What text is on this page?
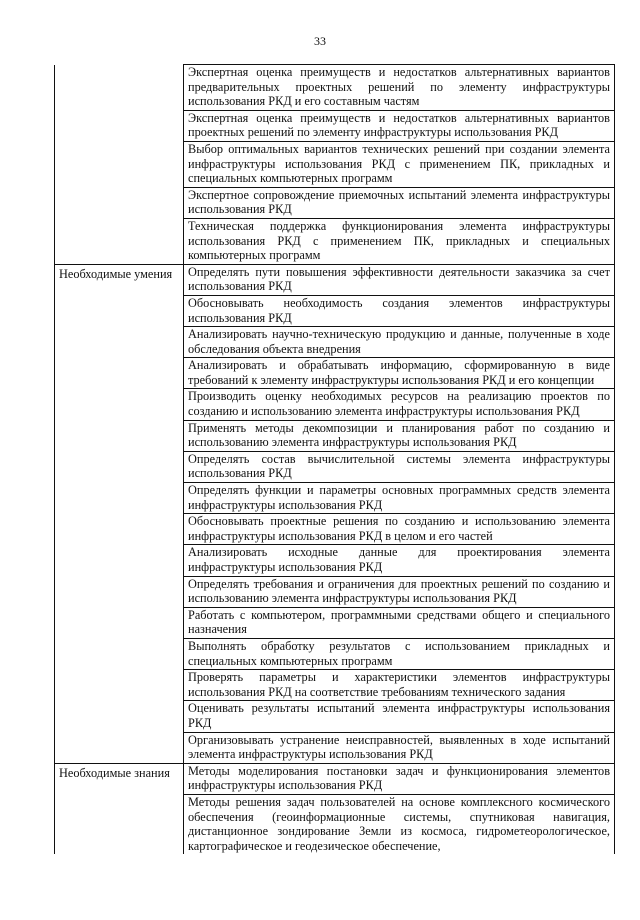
33
	Экспертная оценка преимуществ и недостатков альтернативных вариантов предварительных проектных решений по элементу инфраструктуры использования РКД и его составным частям
	Экспертная оценка преимуществ и недостатков альтернативных вариантов проектных решений по элементу инфраструктуры использования РКД
	Выбор оптимальных вариантов технических решений при создании элемента инфраструктуры использования РКД с применением ПК, прикладных и специальных компьютерных программ
	Экспертное сопровождение приемочных испытаний элемента инфраструктуры использования РКД
	Техническая поддержка функционирования элемента инфраструктуры использования РКД с применением ПК, прикладных и специальных компьютерных программ
Необходимые умения	Определять пути повышения эффективности деятельности заказчика за счет использования РКД
	Обосновывать необходимость создания элементов инфраструктуры использования РКД
	Анализировать научно-техническую продукцию и данные, полученные в ходе обследования объекта внедрения
	Анализировать и обрабатывать информацию, сформированную в виде требований к элементу инфраструктуры использования РКД и его концепции
	Производить оценку необходимых ресурсов на реализацию проектов по созданию и использованию элемента инфраструктуры использования РКД
	Применять методы декомпозиции и планирования работ по созданию и использованию элемента инфраструктуры использования РКД
	Определять состав вычислительной системы элемента инфраструктуры использования РКД
	Определять функции и параметры основных программных средств элемента инфраструктуры использования РКД
	Обосновывать проектные решения по созданию и использованию элемента инфраструктуры использования РКД в целом и его частей
	Анализировать исходные данные для проектирования элемента инфраструктуры использования РКД
	Определять требования и ограничения для проектных решений по созданию и использованию элемента инфраструктуры использования РКД
	Работать с компьютером, программными средствами общего и специального назначения
	Выполнять обработку результатов с использованием прикладных и специальных компьютерных программ
	Проверять параметры и характеристики элементов инфраструктуры использования РКД на соответствие требованиям технического задания
	Оценивать результаты испытаний элемента инфраструктуры использования РКД
	Организовывать устранение неисправностей, выявленных в ходе испытаний элемента инфраструктуры использования РКД
Необходимые знания	Методы моделирования постановки задач и функционирования элементов инфраструктуры использования РКД
	Методы решения задач пользователей на основе комплексного космического обеспечения (геоинформационные системы, спутниковая навигация, дистанционное зондирование Земли из космоса, гидрометеорологическое, картографическое и геодезическое обеспечение,
